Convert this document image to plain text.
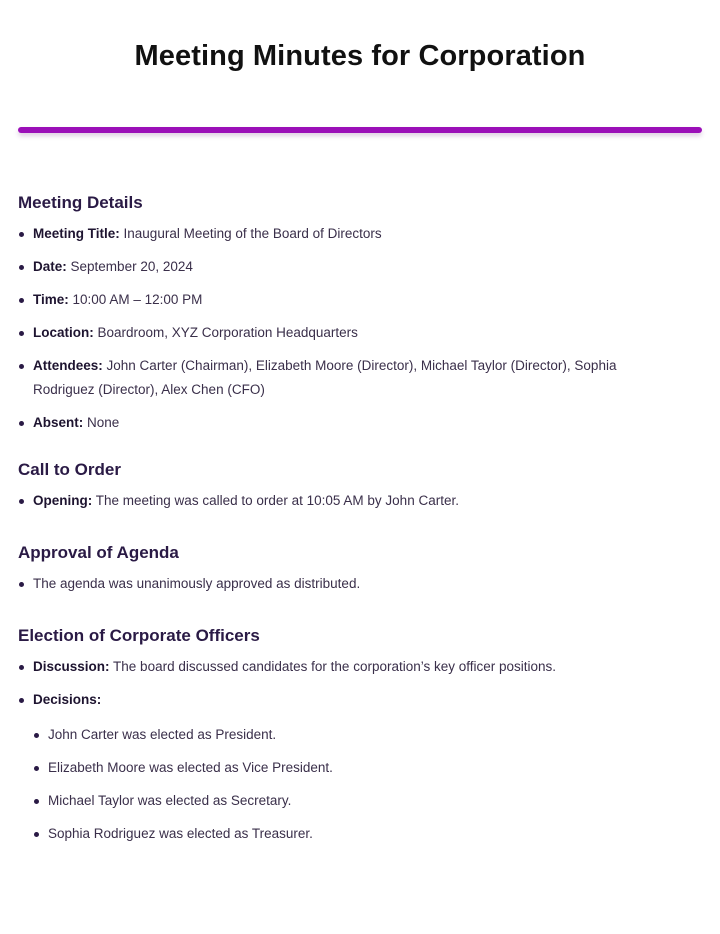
Meeting Minutes for Corporation
Meeting Details
Meeting Title: Inaugural Meeting of the Board of Directors
Date: September 20, 2024
Time: 10:00 AM – 12:00 PM
Location: Boardroom, XYZ Corporation Headquarters
Attendees: John Carter (Chairman), Elizabeth Moore (Director), Michael Taylor (Director), Sophia Rodriguez (Director), Alex Chen (CFO)
Absent: None
Call to Order
Opening: The meeting was called to order at 10:05 AM by John Carter.
Approval of Agenda
The agenda was unanimously approved as distributed.
Election of Corporate Officers
Discussion: The board discussed candidates for the corporation’s key officer positions.
Decisions:
John Carter was elected as President.
Elizabeth Moore was elected as Vice President.
Michael Taylor was elected as Secretary.
Sophia Rodriguez was elected as Treasurer.
